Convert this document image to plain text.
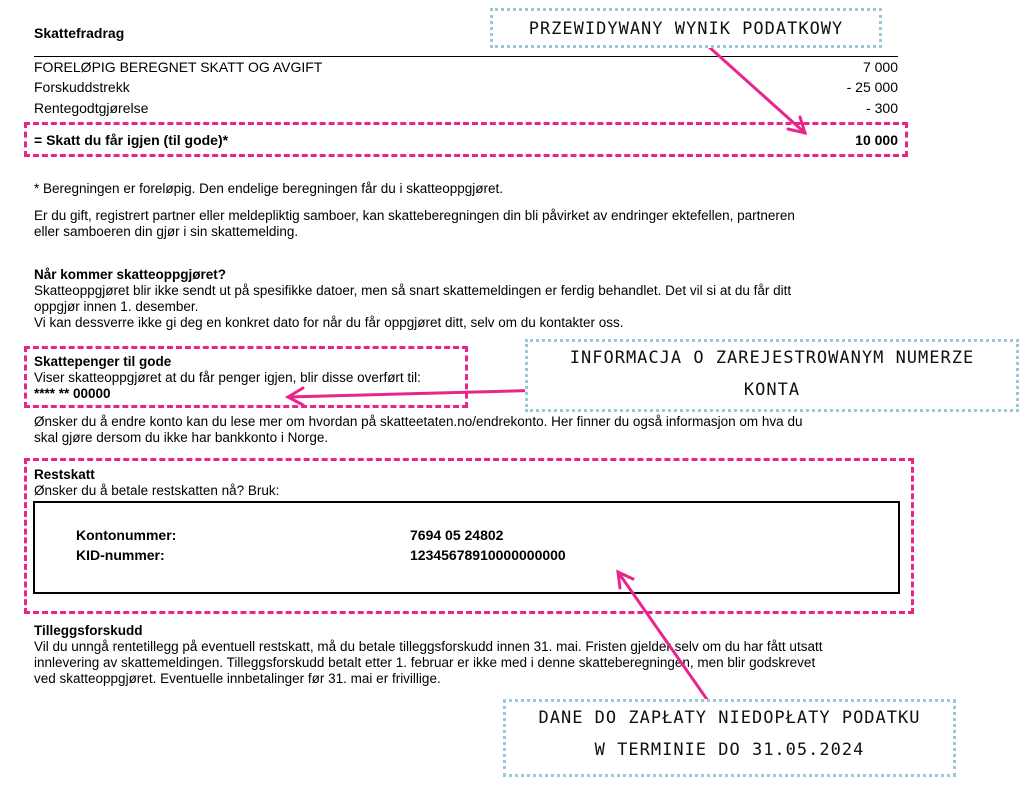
Skattefradrag
FORELØPIG BEREGNET SKATT OG AVGIFT	7 000
Forskuddstrekk	- 25 000
Rentegodtgjørelse	- 300
= Skatt du får igjen (til gode)*	10 000
* Beregningen er foreløpig. Den endelige beregningen får du i skatteoppgjøret.
Er du gift, registrert partner eller meldepliktig samboer, kan skatteberegningen din bli påvirket av endringer ektefellen, partneren
eller samboeren din gjør i sin skattemelding.
Når kommer skatteoppgjøret?
Skatteoppgjøret blir ikke sendt ut på spesifikke datoer, men så snart skattemeldingen er ferdig behandlet. Det vil si at du får ditt
oppgjør innen 1. desember.
Vi kan dessverre ikke gi deg en konkret dato for når du får oppgjøret ditt, selv om du kontakter oss.
Skattepenger til gode
Viser skatteoppgjøret at du får penger igjen, blir disse overført til:
**** ** 00000
Ønsker du å endre konto kan du lese mer om hvordan på skatteetaten.no/endrekonto. Her finner du også informasjon om hva du
skal gjøre dersom du ikke har bankkonto i Norge.
Restskatt
Ønsker du å betale restskatten nå? Bruk:
Kontonummer:	7694 05 24802
KID-nummer:	12345678910000000000
Tilleggsforskudd
Vil du unngå rentetillegg på eventuell restskatt, må du betale tilleggsforskudd innen 31. mai. Fristen gjelder selv om du har fått utsatt
innlevering av skattemeldingen. Tilleggsforskudd betalt etter 1. februar er ikke med i denne skatteberegningen, men blir godskrevet
ved skatteoppgjøret. Eventuelle innbetalinger før 31. mai er frivillige.
PRZEWIDYWANY WYNIK PODATKOWY
INFORMACJA O ZAREJESTROWANYM NUMERZE
KONTA
DANE DO ZAPŁATY NIEDOPŁATY PODATKU
W TERMINIE DO 31.05.2024
